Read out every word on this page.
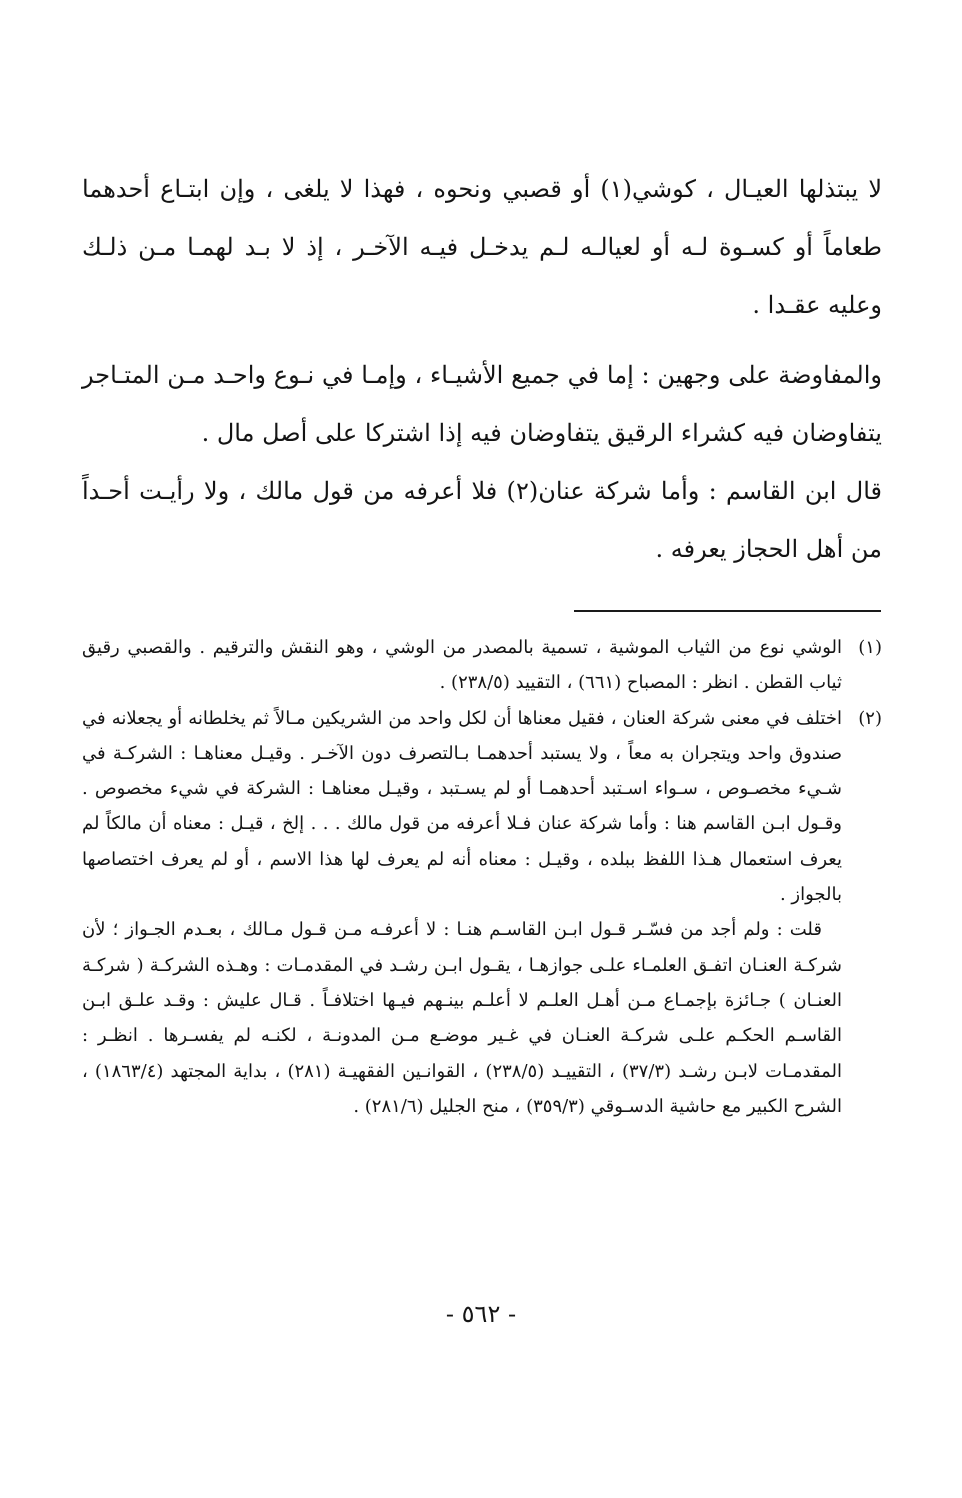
لا يبتذلها العيـال ، كوشي(١) أو قصبي ونحوه ، فهذا لا يلغى ، وإن ابتـاع أحدهما طعاماً أو كسـوة لـه أو لعيالـه لـم يدخـل فيـه الآخـر ، إذ لا بـد لهمـا مـن ذلـك وعليه عقـدا .

والمفاوضة على وجهين : إما في جميع الأشيـاء ، وإمـا في نـوع واحـد مـن المتـاجر يتفاوضان فيه كشراء الرقيق يتفاوضان فيه إذا اشتركا على أصل مال .

قال ابن القاسم : وأما شركة عنان(٢) فلا أعرفه من قول مالك ، ولا رأيـت أحـداً من أهل الحجاز يعرفه .

(١)
الوشي نوع من الثياب الموشية ، تسمية بالمصدر من الوشي ، وهو النقش والترقيم . والقصبي رقيق ثياب القطن . انظر : المصباح (٦٦١) ، التقييد (٢٣٨/٥) .
(٢)
اختلف في معنى شركة العنان ، فقيل معناها أن لكل واحد من الشريكين مـالاً ثم يخلطانه أو يجعلانه في صندوق واحد ويتجران به معاً ، ولا يستبد أحدهمـا بـالتصرف دون الآخـر . وقيـل معناهـا : الشركـة في شـيء مخصـوص ، سـواء اسـتبد أحدهمـا أو لم يسـتبد ، وقيـل معناهـا : الشركة في شيء مخصوص . وقـول ابـن القاسم هنا : وأما شركة عنان فـلا أعرفه من قول مالك . . . إلخ ، قيـل : معناه أن مالكاً لم يعرف استعمال هـذا اللفظ ببلده ، وقيـل : معناه أنه لم يعرف لها هذا الاسم ، أو لم يعرف اختصاصها بالجواز .

قلت : ولم أجد من فسّـر قـول ابـن القاسـم هنـا : لا أعرفـه مـن قـول مـالك ، بعـدم الجـواز ؛ لأن شركـة العنـان اتفـق العلمـاء علـى جوازهـا ، يقـول ابـن رشـد في المقدمـات : وهـذه الشركـة ( شركـة العنـان ) جـائزة بإجمـاع مـن أهـل العلـم لا أعلـم بينـهم فيـها اختلافـاً . قـال عليش : وقـد علـق ابـن القاسـم الحكـم علـى شركـة العنـان في غـير موضـع مـن المدونـة ، لكنـه لم يفسـرها . انظـر : المقدمـات لابـن رشـد (٣٧/٣) ، التقييـد (٢٣٨/٥) ، القوانـين الفقهيـة (٢٨١) ، بداية المجتهد (١٨٦٣/٤) ، الشرح الكبير مع حاشية الدسـوقي (٣٥٩/٣) ، منح الجليل (٢٨١/٦) .

- ٥٦٢ -
